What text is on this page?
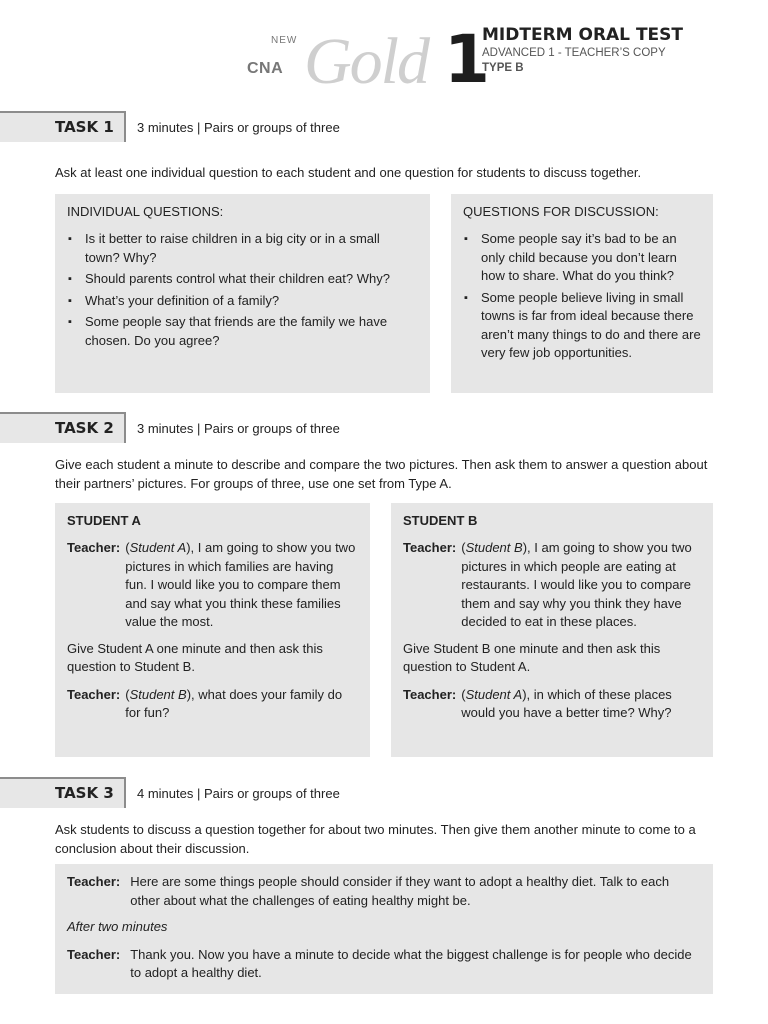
NEW
CNA Gold 1
MIDTERM ORAL TEST
ADVANCED 1 - TEACHER’S COPY
TYPE B
TASK 1 3 minutes | Pairs or groups of three
Ask at least one individual question to each student and one question for students to discuss together.
INDIVIDUAL QUESTIONS:
▪ Is it better to raise children in a big city or in a small town? Why?
▪ Should parents control what their children eat? Why?
▪ What’s your definition of a family?
▪ Some people say that friends are the family we have chosen. Do you agree?
QUESTIONS FOR DISCUSSION:
▪ Some people say it’s bad to be an only child because you don’t learn how to share. What do you think?
▪ Some people believe living in small towns is far from ideal because there aren’t many things to do and there are very few job opportunities.
TASK 2 3 minutes | Pairs or groups of three
Give each student a minute to describe and compare the two pictures. Then ask them to answer a question about their partners’ pictures. For groups of three, use one set from Type A.
STUDENT A
Teacher: (Student A), I am going to show you two pictures in which families are having fun. I would like you to compare them and say what you think these families value the most.
Give Student A one minute and then ask this question to Student B.
Teacher: (Student B), what does your family do for fun?
STUDENT B
Teacher: (Student B), I am going to show you two pictures in which people are eating at restaurants. I would like you to compare them and say why you think they have decided to eat in these places.
Give Student B one minute and then ask this question to Student A.
Teacher: (Student A), in which of these places would you have a better time? Why?
TASK 3 4 minutes | Pairs or groups of three
Ask students to discuss a question together for about two minutes. Then give them another minute to come to a conclusion about their discussion.
Teacher: Here are some things people should consider if they want to adopt a healthy diet. Talk to each other about what the challenges of eating healthy might be.
After two minutes
Teacher: Thank you. Now you have a minute to decide what the biggest challenge is for people who decide to adopt a healthy diet.
